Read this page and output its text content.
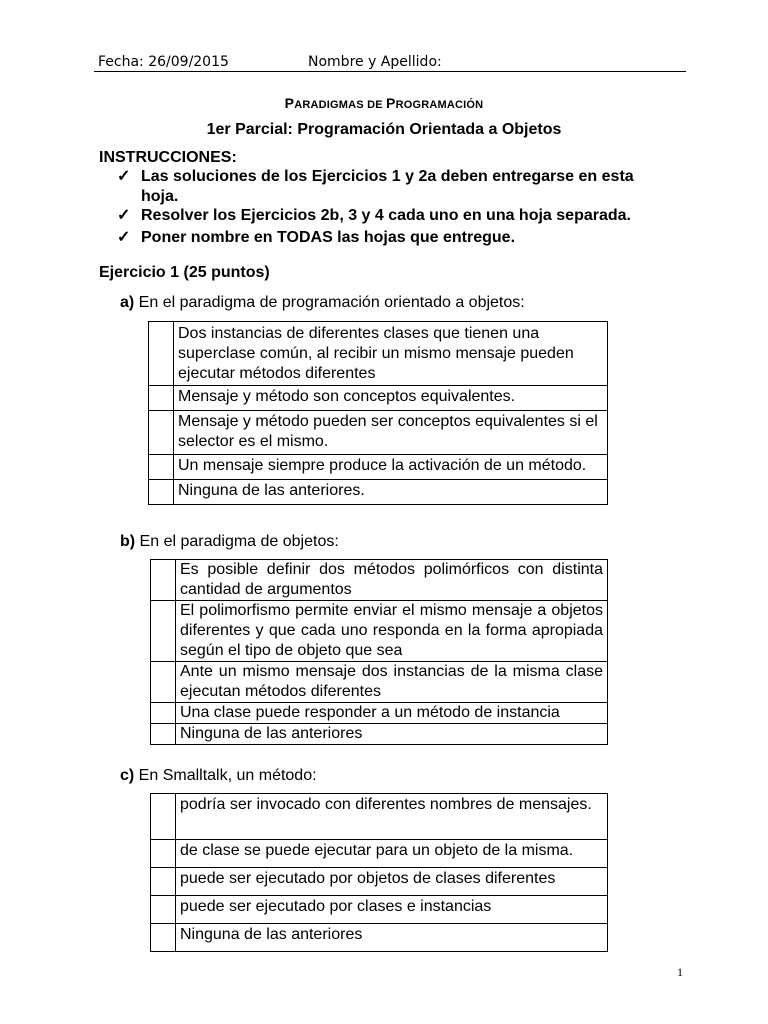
Fecha: 26/09/2015	Nombre y Apellido:
PARADIGMAS DE PROGRAMACIÓN
1er Parcial: Programación Orientada a Objetos
INSTRUCCIONES:
✓ Las soluciones de los Ejercicios 1 y 2a deben entregarse en esta hoja.
✓ Resolver los Ejercicios 2b, 3 y 4 cada uno en una hoja separada.
✓ Poner nombre en TODAS las hojas que entregue.
Ejercicio 1 (25 puntos)
a) En el paradigma de programación orientado a objetos:
	Dos instancias de diferentes clases que tienen una superclase común, al recibir un mismo mensaje pueden ejecutar métodos diferentes
	Mensaje y método son conceptos equivalentes.
	Mensaje y método pueden ser conceptos equivalentes si el selector es el mismo.
	Un mensaje siempre produce la activación de un método.
	Ninguna de las anteriores.
b) En el paradigma de objetos:
	Es posible definir dos métodos polimórficos con distinta cantidad de argumentos
	El polimorfismo permite enviar el mismo mensaje a objetos diferentes y que cada uno responda en la forma apropiada según el tipo de objeto que sea
	Ante un mismo mensaje dos instancias de la misma clase ejecutan métodos diferentes
	Una clase puede responder a un método de instancia
	Ninguna de las anteriores
c) En Smalltalk, un método:
	podría ser invocado con diferentes nombres de mensajes.
	de clase se puede ejecutar para un objeto de la misma.
	puede ser ejecutado por objetos de clases diferentes
	puede ser ejecutado por clases e instancias
	Ninguna de las anteriores
1
